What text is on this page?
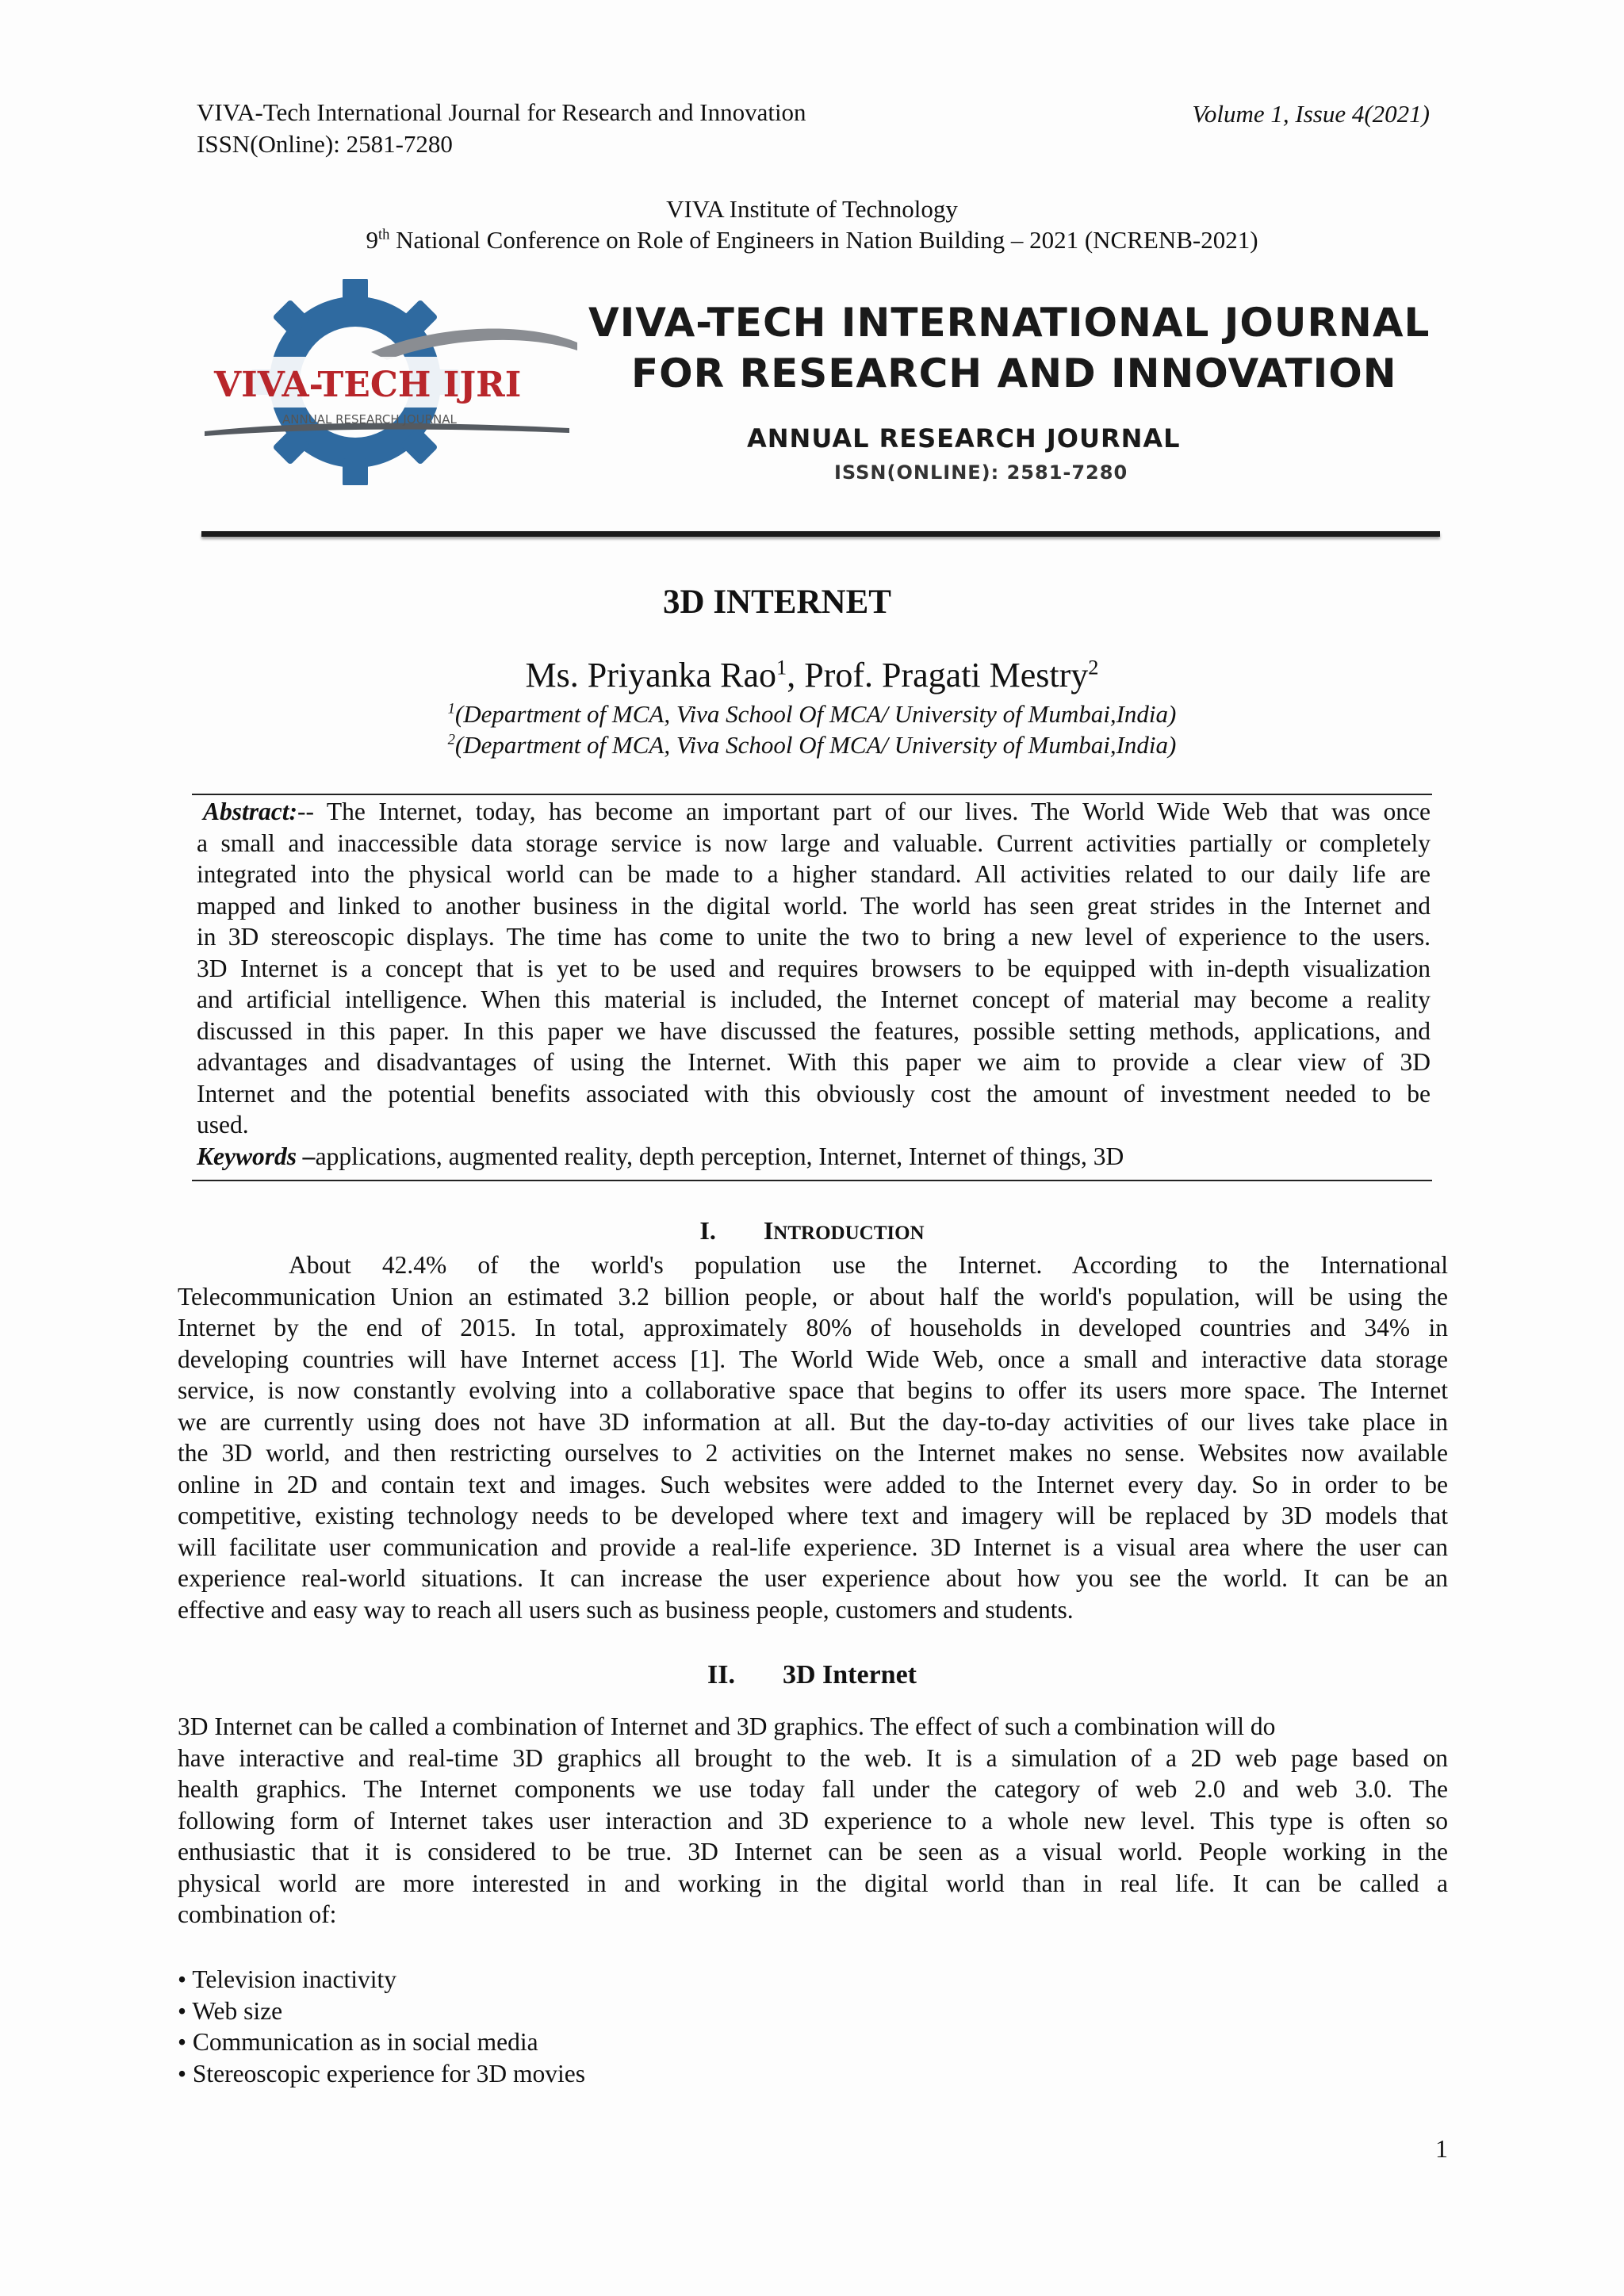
VIVA-Tech International Journal for Research and Innovation
ISSN(Online): 2581-7280
Volume 1, Issue 4(2021)
VIVA Institute of Technology
9th National Conference on Role of Engineers in Nation Building – 2021 (NCRENB-2021)
VIVA-TECH IJRI
ANNUAL RESEARCH JOURNAL
VIVA-TECH INTERNATIONAL JOURNAL
FOR RESEARCH AND INNOVATION
ANNUAL RESEARCH JOURNAL
ISSN(ONLINE): 2581-7280
3D INTERNET
Ms. Priyanka Rao$^1$, Prof. Pragati Mestry$^2$
$^1$(Department of MCA, Viva School Of MCA/ University of Mumbai,India)
$^2$(Department of MCA, Viva School Of MCA/ University of Mumbai,India)
Abstract:-- The Internet, today, has become an important part of our lives. The World Wide Web that was once
a small and inaccessible data storage service is now large and valuable. Current activities partially or completely
integrated into the physical world can be made to a higher standard. All activities related to our daily life are
mapped and linked to another business in the digital world. The world has seen great strides in the Internet and
in 3D stereoscopic displays. The time has come to unite the two to bring a new level of experience to the users.
3D Internet is a concept that is yet to be used and requires browsers to be equipped with in-depth visualization
and artificial intelligence. When this material is included, the Internet concept of material may become a reality
discussed in this paper. In this paper we have discussed the features, possible setting methods, applications, and
advantages and disadvantages of using the Internet. With this paper we aim to provide a clear view of 3D
Internet and the potential benefits associated with this obviously cost the amount of investment needed to be
used.
Keywords –applications, augmented reality, depth perception, Internet, Internet of things, 3D
I. INTRODUCTION
About 42.4% of the world's population use the Internet. According to the International
Telecommunication Union an estimated 3.2 billion people, or about half the world's population, will be using the
Internet by the end of 2015. In total, approximately 80% of households in developed countries and 34% in
developing countries will have Internet access [1]. The World Wide Web, once a small and interactive data storage
service, is now constantly evolving into a collaborative space that begins to offer its users more space. The Internet
we are currently using does not have 3D information at all. But the day-to-day activities of our lives take place in
the 3D world, and then restricting ourselves to 2 activities on the Internet makes no sense. Websites now available
online in 2D and contain text and images. Such websites were added to the Internet every day. So in order to be
competitive, existing technology needs to be developed where text and imagery will be replaced by 3D models that
will facilitate user communication and provide a real-life experience. 3D Internet is a visual area where the user can
experience real-world situations. It can increase the user experience about how you see the world. It can be an
effective and easy way to reach all users such as business people, customers and students.
II. 3D Internet
3D Internet can be called a combination of Internet and 3D graphics. The effect of such a combination will do
have interactive and real-time 3D graphics all brought to the web. It is a simulation of a 2D web page based on
health graphics. The Internet components we use today fall under the category of web 2.0 and web 3.0. The
following form of Internet takes user interaction and 3D experience to a whole new level. This type is often so
enthusiastic that it is considered to be true. 3D Internet can be seen as a visual world. People working in the
physical world are more interested in and working in the digital world than in real life. It can be called a
combination of:
• Television inactivity
• Web size
• Communication as in social media
• Stereoscopic experience for 3D movies
1
